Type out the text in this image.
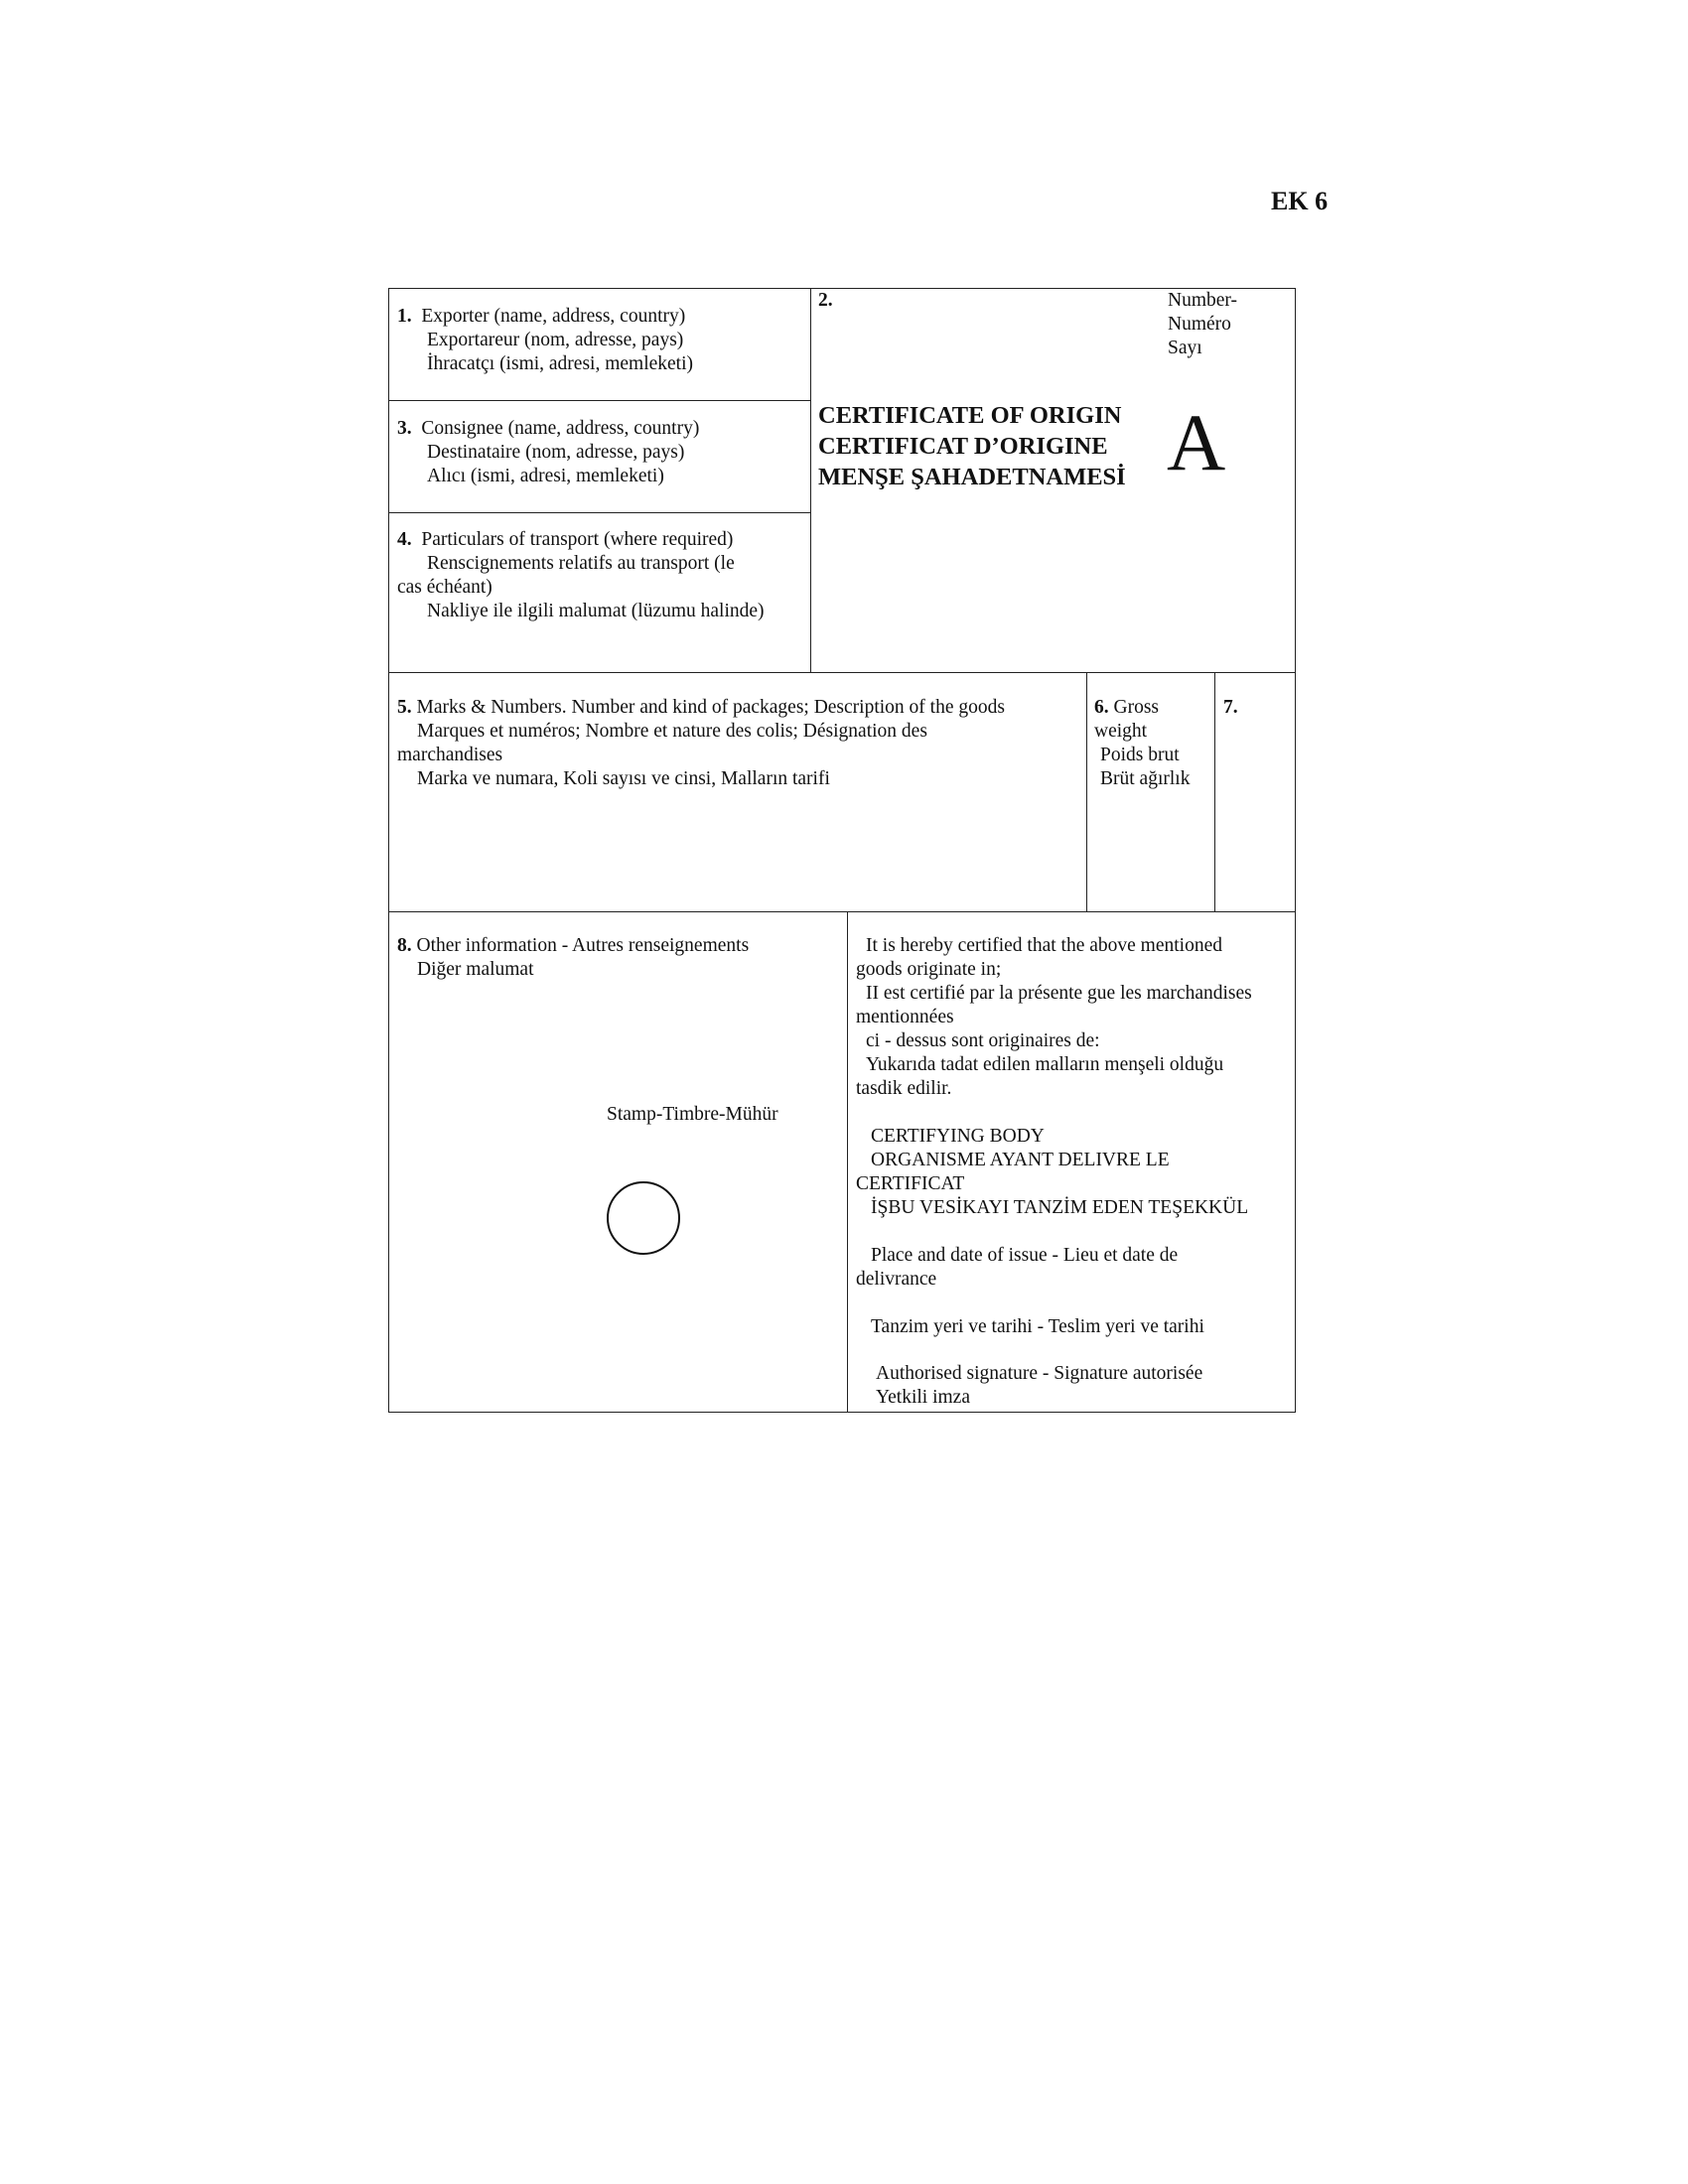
EK 6
1. Exporter (name, address, country)
Exportareur (nom, adresse, pays)
İhracatçı (ismi, adresi, memleketi)
2.	Number-
Numéro
Sayı
CERTIFICATE OF ORIGIN
CERTIFICAT D’ORIGINE
MENŞE ŞAHADETNAMESİ A
3. Consignee (name, address, country)
Destinataire (nom, adresse, pays)
Alıcı (ismi, adresi, memleketi)
4. Particulars of transport (where required)
Renscignements relatifs au transport (le
cas échéant)
Nakliye ile ilgili malumat (lüzumu halinde)
5. Marks & Numbers. Number and kind of packages; Description of the goods
Marques et numéros; Nombre et nature des colis; Désignation des
marchandises
Marka ve numara, Koli sayısı ve cinsi, Malların tarifi
6. Gross
weight
Poids brut
Brüt ağırlık
7.
8. Other information - Autres renseignements
Diğer malumat
Stamp-Timbre-Mühür
It is hereby certified that the above mentioned
goods originate in;
II est certifié par la présente gue les marchandises
mentionnées
ci - dessus sont originaires de:
Yukarıda tadat edilen malların menşeli olduğu
tasdik edilir.
CERTIFYING BODY
ORGANISME AYANT DELIVRE LE
CERTIFICAT
İŞBU VESİKAYI TANZİM EDEN TEŞEKKÜL
Place and date of issue - Lieu et date de
delivrance
Tanzim yeri ve tarihi - Teslim yeri ve tarihi
Authorised signature - Signature autorisée
Yetkili imza
